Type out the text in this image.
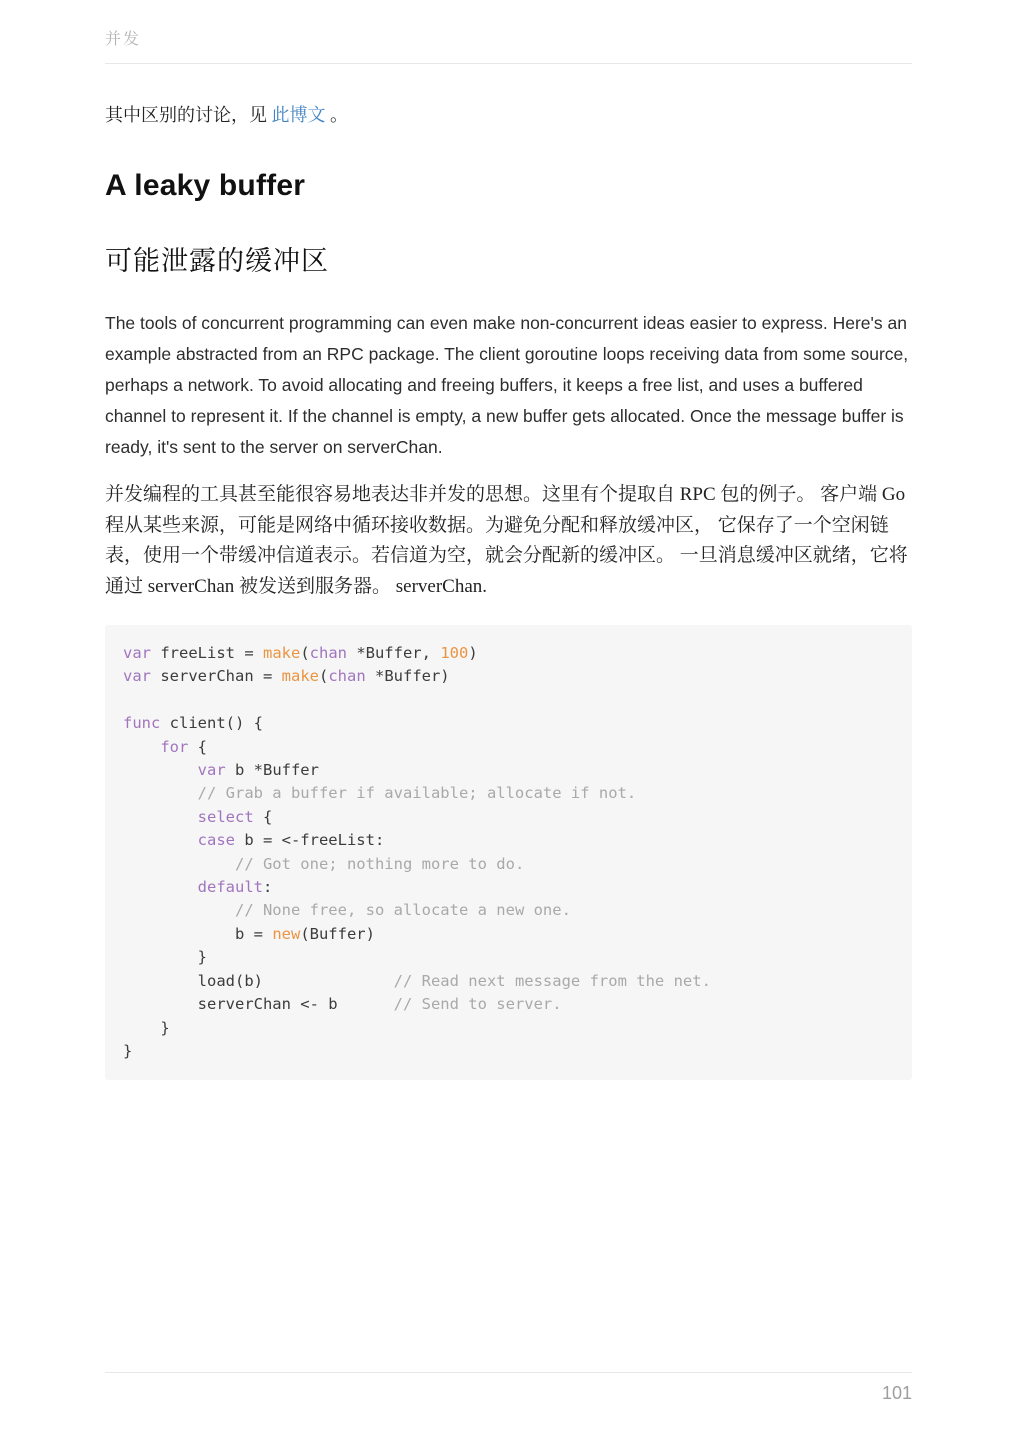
并发

其中区别的讨论，见 此博文 。

A leaky buffer
可能泄露的缓冲区

The tools of concurrent programming can even make non-concurrent ideas easier to express. Here's an example abstracted from an RPC package. The client goroutine loops receiving data from some source, perhaps a network. To avoid allocating and freeing buffers, it keeps a free list, and uses a buffered channel to represent it. If the channel is empty, a new buffer gets allocated. Once the message buffer is ready, it's sent to the server on serverChan.

并发编程的工具甚至能很容易地表达非并发的思想。这里有个提取自 RPC 包的例子。 客户端 Go 程从某些来源，可能是网络中循环接收数据。为避免分配和释放缓冲区， 它保存了一个空闲链表，使用一个带缓冲信道表示。若信道为空，就会分配新的缓冲区。 一旦消息缓冲区就绪，它将通过 serverChan 被发送到服务器。 serverChan.

var freeList = make(chan *Buffer, 100)
var serverChan = make(chan *Buffer)

func client() {
for {
var b *Buffer
// Grab a buffer if available; allocate if not.
select {
case b = <-freeList:
// Got one; nothing more to do.
default:
// None free, so allocate a new one.
b = new(Buffer)
}
load(b)              // Read next message from the net.
serverChan <- b      // Send to server.
}
}

101
